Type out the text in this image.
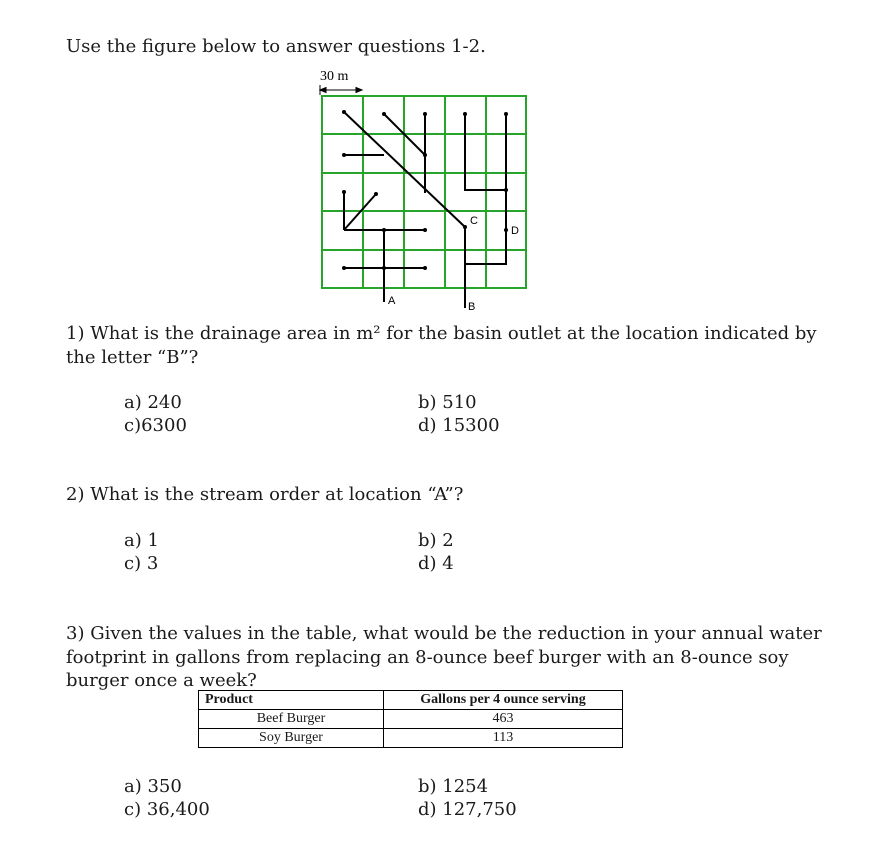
Use the figure below to answer questions 1-2.
30 m
A	B
C
D
1) What is the drainage area in m² for the basin outlet at the location indicated by
the letter “B”?
a) 240	b) 510
c)6300	d) 15300
2) What is the stream order at location “A”?
a) 1	b) 2
c) 3	d) 4
3) Given the values in the table, what would be the reduction in your annual water
footprint in gallons from replacing an 8-ounce beef burger with an 8-ounce soy
burger once a week?
Product	Gallons per 4 ounce serving
Beef Burger	463
Soy Burger	113
a) 350	b) 1254
c) 36,400	d) 127,750
